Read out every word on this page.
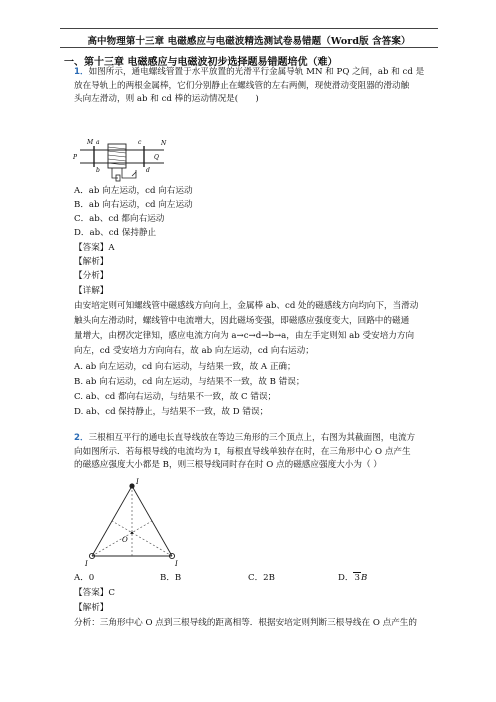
高中物理第十三章 电磁感应与电磁波精选测试卷易错题（Word版 含答案）
一、第十三章 电磁感应与电磁波初步选择题易错题培优（难）
1．如图所示，通电螺线管置于水平放置的光滑平行金属导轨 MN 和 PQ 之间，ab 和 cd 是
放在导轨上的两根金属棒，它们分别静止在螺线管的左右两侧，现使滑动变阻器的滑动触
头向左滑动，则 ab 和 cd 棒的运动情况是(　　)
M a	c	N
P
b	d
Q
A．ab 向左运动，cd 向右运动
B．ab 向右运动，cd 向左运动
C．ab、cd 都向右运动
D．ab、cd 保持静止
【答案】A
【解析】
【分析】
【详解】
由安培定则可知螺线管中磁感线方向向上，金属棒 ab、cd 处的磁感线方向均向下，当滑动
触头向左滑动时，螺线管中电流增大，因此磁场变强，即磁感应强度变大，回路中的磁通
量增大，由楞次定律知，感应电流方向为 a→c→d→b→a，由左手定则知 ab 受安培力方向
向左，cd 受安培力方向向右，故 ab 向左运动，cd 向右运动；
A. ab 向左运动，cd 向右运动，与结果一致，故 A 正确；
B. ab 向右运动，cd 向左运动，与结果不一致，故 B 错误；
C. ab、cd 都向右运动，与结果不一致，故 C 错误；
D. ab、cd 保持静止，与结果不一致，故 D 错误；
2．三根相互平行的通电长直导线放在等边三角形的三个顶点上，右图为其截面图，电流方
向如图所示．若每根导线的电流均为 I，每根直导线单独存在时，在三角形中心 O 点产生
的磁感应强度大小都是 B，则三根导线同时存在时 O 点的磁感应强度大小为（ ）
I
I	I
O
A．0	B．B	C．2B	D．3B
【答案】C
【解析】
分析：三角形中心 O 点到三根导线的距离相等．根据安培定则判断三根导线在 O 点产生的
